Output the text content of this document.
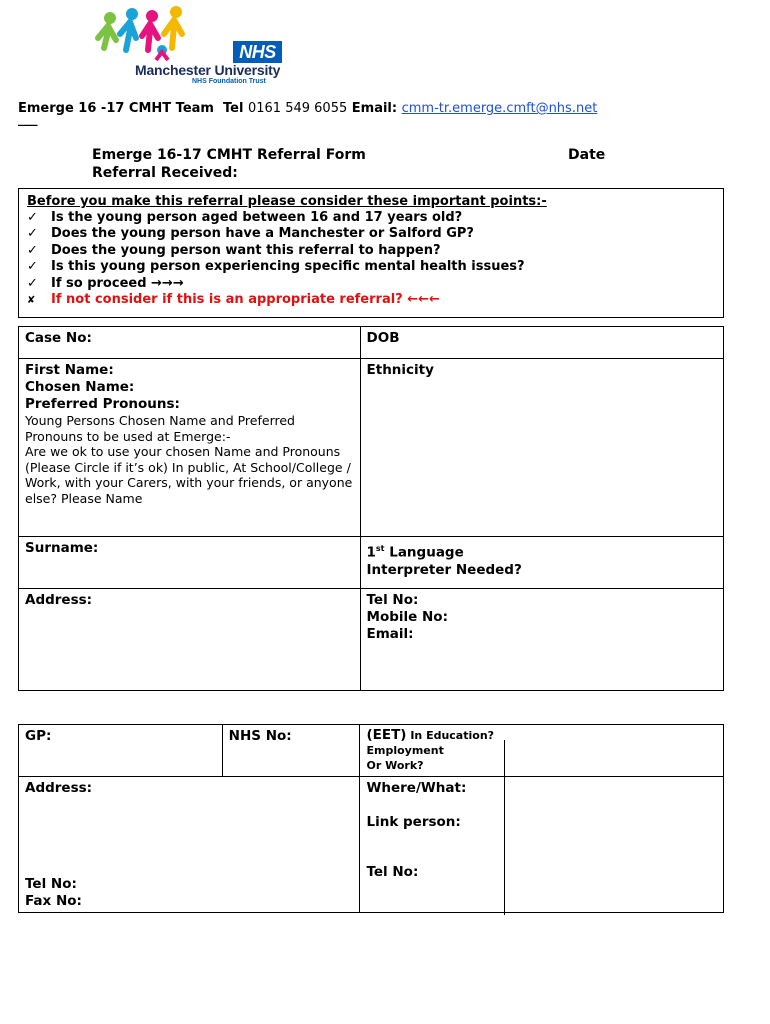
NHS
Manchester University
NHS Foundation Trust
Emerge 16 -17 CMHT Team Tel 0161 549 6055 Email: cmm-tr.emerge.cmft@nhs.net
___
Emerge 16-17 CMHT Referral Form	Date
Referral Received:
Before you make this referral please consider these important points:-
✓ Is the young person aged between 16 and 17 years old?
✓ Does the young person have a Manchester or Salford GP?
✓ Does the young person want this referral to happen?
✓ Is this young person experiencing specific mental health issues?
✓ If so proceed →→→
✘ If not consider if this is an appropriate referral? ←←←
Case No:	DOB

First Name:
Chosen Name:
Preferred Pronouns:
Young Persons Chosen Name and Preferred Pronouns to be used at Emerge:-
Are we ok to use your chosen Name and Pronouns (Please Circle if it’s ok) In public, At School/College / Work, with your Carers, with your friends, or anyone else? Please Name	Ethnicity

Surname:	1st Language
Interpreter Needed?

Address:	Tel No:
Mobile No:
Email:
GP:	NHS No:	(EET) In Education?
Employment
Or Work?

Address:
Tel No:
Fax No:		Where/What:
Link person:
Tel No:
